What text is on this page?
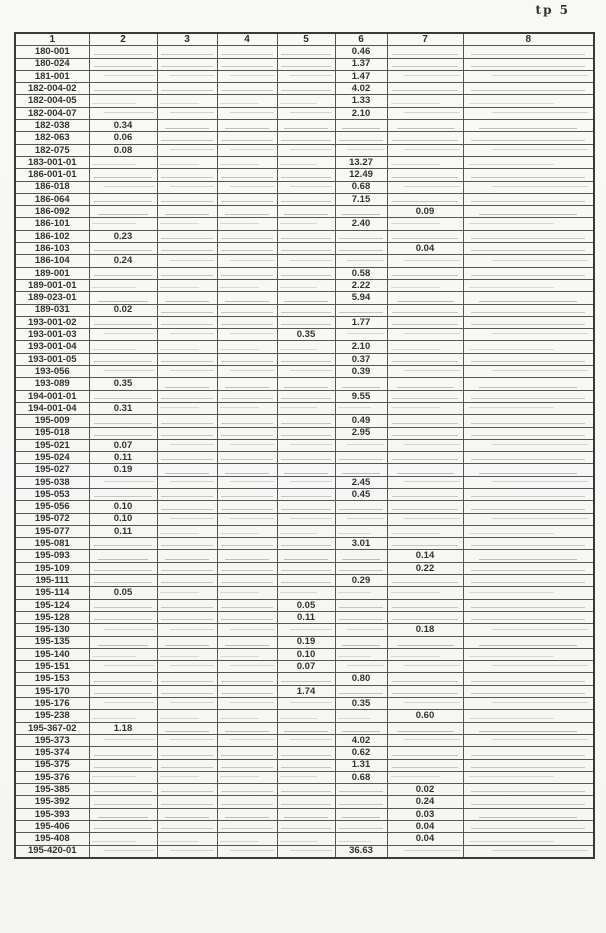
tp 5
1	2	3	4	5	6	7	8
180-001					0.46		
180-024					1.37		
181-001					1.47		
182-004-02					4.02		
182-004-05					1.33		
182-004-07					2.10		
182-038	0.34						
182-063	0.06						
182-075	0.08						
183-001-01					13.27		
186-001-01					12.49		
186-018					0.68		
186-064					7.15		
186-092						0.09	
186-101					2.40		
186-102	0.23						
186-103						0.04	
186-104	0.24						
189-001					0.58		
189-001-01					2.22		
189-023-01					5.94		
189-031	0.02						
193-001-02					1.77		
193-001-03				0.35			
193-001-04					2.10		
193-001-05					0.37		
193-056					0.39		
193-089	0.35						
194-001-01					9.55		
194-001-04	0.31						
195-009					0.49		
195-018					2.95		
195-021	0.07						
195-024	0.11						
195-027	0.19						
195-038					2.45		
195-053					0.45		
195-056	0.10						
195-072	0.10						
195-077	0.11						
195-081					3.01		
195-093						0.14	
195-109						0.22	
195-111					0.29		
195-114	0.05						
195-124				0.05			
195-128				0.11			
195-130						0.18	
195-135				0.19			
195-140				0.10			
195-151				0.07			
195-153					0.80		
195-170				1.74			
195-176					0.35		
195-238						0.60	
195-367-02	1.18						
195-373					4.02		
195-374					0.62		
195-375					1.31		
195-376					0.68		
195-385						0.02	
195-392						0.24	
195-393						0.03	
195-406						0.04	
195-408						0.04	
195-420-01					36.63		
